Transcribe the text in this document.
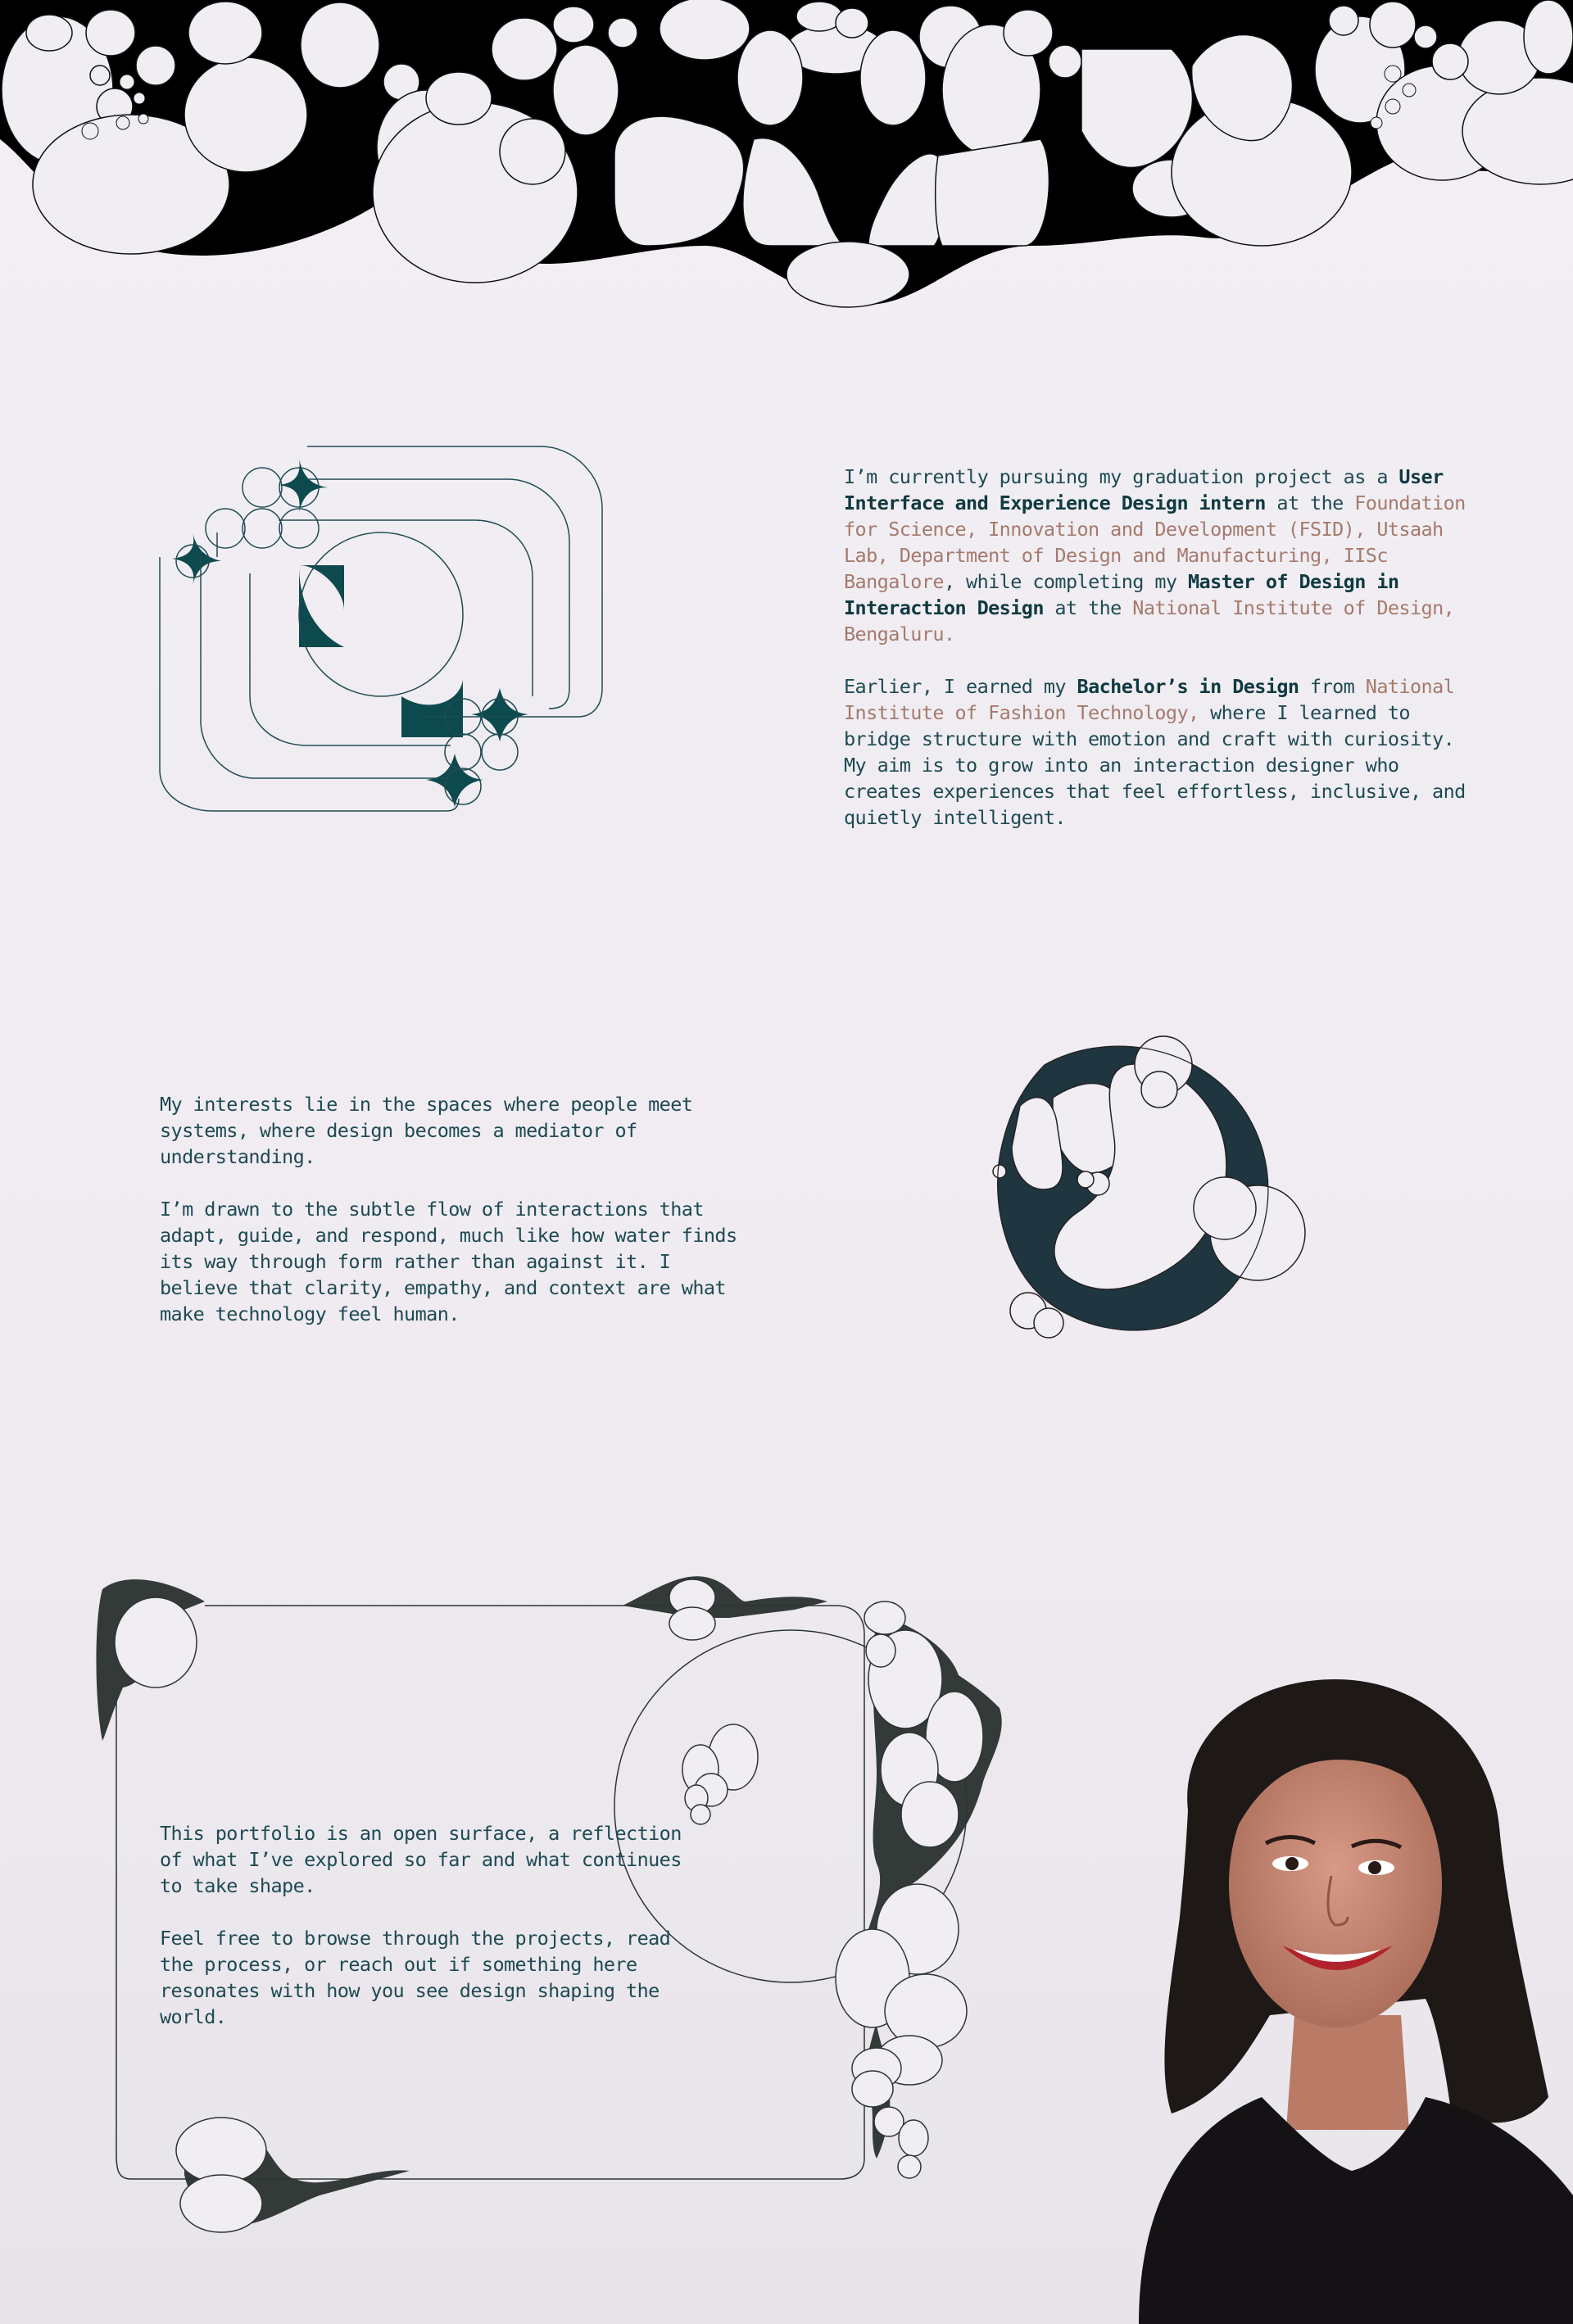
I’m currently pursuing my graduation project as a User Interface and Experience Design intern at the Foundation for Science, Innovation and Development (FSID), Utsaah Lab, Department of Design and Manufacturing, IISc Bangalore, while completing my Master of Design in Interaction Design at the National Institute of Design, Bengaluru.

Earlier, I earned my Bachelor’s in Design from National Institute of Fashion Technology, where I learned to bridge structure with emotion and craft with curiosity. My aim is to grow into an interaction designer who creates experiences that feel effortless, inclusive, and quietly intelligent.

My interests lie in the spaces where people meet systems, where design becomes a mediator of understanding.

I’m drawn to the subtle flow of interactions that adapt, guide, and respond, much like how water finds its way through form rather than against it. I believe that clarity, empathy, and context are what make technology feel human.

This portfolio is an open surface, a reflection of what I’ve explored so far and what continues to take shape.

Feel free to browse through the projects, read the process, or reach out if something here resonates with how you see design shaping the world.
